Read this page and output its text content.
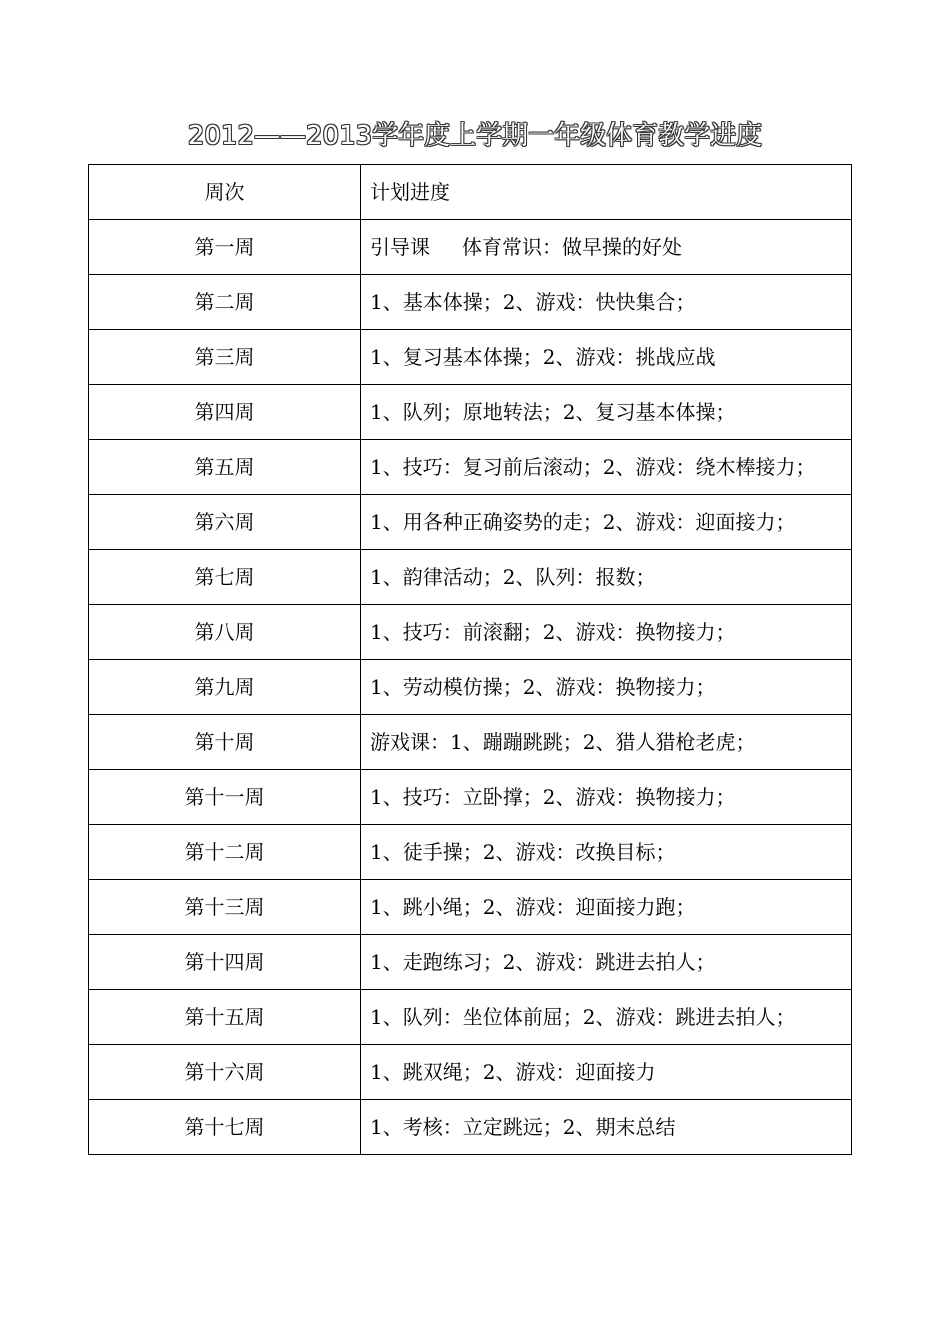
2012——2013学年度上学期一年级体育教学进度
周次	计划进度
第一周	引导课 体育常识：做早操的好处
第二周	1、基本体操；2、游戏：快快集合；
第三周	1、复习基本体操；2、游戏：挑战应战
第四周	1、队列；原地转法；2、复习基本体操；
第五周	1、技巧：复习前后滚动；2、游戏：绕木棒接力；
第六周	1、用各种正确姿势的走；2、游戏：迎面接力；
第七周	1、韵律活动；2、队列：报数；
第八周	1、技巧：前滚翻；2、游戏：换物接力；
第九周	1、劳动模仿操；2、游戏：换物接力；
第十周	游戏课：1、蹦蹦跳跳；2、猎人猎枪老虎；
第十一周	1、技巧：立卧撑；2、游戏：换物接力；
第十二周	1、徒手操；2、游戏：改换目标；
第十三周	1、跳小绳；2、游戏：迎面接力跑；
第十四周	1、走跑练习；2、游戏：跳进去拍人；
第十五周	1、队列：坐位体前屈；2、游戏：跳进去拍人；
第十六周	1、跳双绳；2、游戏：迎面接力
第十七周	1、考核：立定跳远；2、期末总结
